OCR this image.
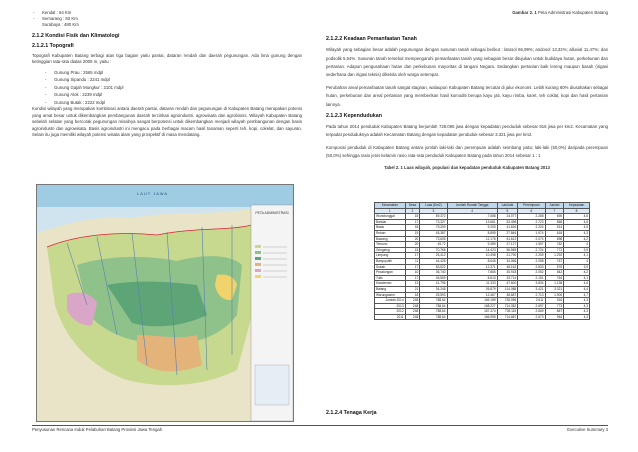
- Kendal : 64 Km
- Semarang : 93 Km
Surabaya : 480 Km
2.1.2 Kondisi Fisik dan Klimatologi
2.1.2.1 Topografi
Topografi Kabupaten Batang terbagi atas tiga bagian yaitu pantai, dataran rendah dan daerah pegunungan. Ada lima gunung dengan ketinggian rata-rata diatas 2000 m, yaitu :
- Gunung Prau : 2565 mdpl
- Gunung Sipandu : 2241 mdpl
- Gunung Gajah Mungkur : 2101 mdpl
- Gunung Alok : 2239 mdpl
- Gunung Butak : 2222 mdpl
Kondisi wilayah yang merupakan kombinasi antara daerah pantai, dataran rendah dan pegunungan di Kabupaten Batang merupakan potensi yang amat besar untuk dikembangkan pembangunan daerah tercirikan agroindustri, agrowisata dan agrobisnis. Wilayah Kabupaten Batang sebelah selatan yang bercorak pegunungan misalnya sangat berpotensi untuk dikembangkan menjadi wilayah pembangunan dengan basis agroindustri dan agrowisata. Basis agroindustri ini mengacu pada berbagai macam hasil tanaman seperti teh, kopi, cokelat, dan sayuran. Selain itu juga memiliki wilayah potensi wisata alam yang prospektif di masa mendatang.
LAUT JAWA
PETA ADMINISTRASI
Gambar 2. 1 Peta Administrasi Kabupaten Batang
2.1.2.2 Keadaan Pemanfaatan Tanah
Wilayah yang sebagian besar adalah pegunungan dengan susunan tanah sebagai berikut : latosol 66,99%; andosol 13,32%; alluvial 11,47%; dan podsolik 5,64%. Susunan tanah tersebut mempengaruhi pemanfaatan tanah yang sebagian besar ditujukan untuk budidaya hutan, perkebunan dan pertanian. Adapun pengusahaan hutan dan perkebunan mayoritas di tangani Negara. Sedangkan pertanian baik lereng maupun basah (irigasi sederhana dan irigasi teknis) dikelola oleh warga setempat.
Perubahan areal pemanfaatan tanah sangat stagnan, walaupun Kabupaten Batang tercatat di jalur ekonomi. Lebih kurang 60% diusahakan sebagai hutan, perkebunan dan areal pertanian yang memberikan hasil komoditi berupa kayu jati, kayu rimba, karet, teh coklat, kopi dan hasil pertanian lainnya.
2.1.2.3 Kependudukan
Pada tahun 2014 penduduk Kabupaten Batang berjumlah 728.095 jiwa dengan kepadatan penduduk sebesar 916 jiwa per km2. Kecamatan yang terpadat penduduknya adalah Kecamatan Batang dengan kepadatan penduduk sebesar 3.321 jiwa per km2.
Komposisi penduduk di Kabupaten Batang antara jumlah laki-laki dan perempuan adalah seimbang yaitu; laki-laki (50,0%) daripada perempuan (50,0%) sehingga rasio jenis kelamin rasio rata-rata penduduk Kabupaten Batang pada tahun 2014 sebesar 1 : 1
Tabel 2. 1 Luas wilayah, populasi dan kepadatan penduduk Kabupaten Batang 2013
Kecamatan	Desa	Luas (Km2)	Jumlah Rumah Tangga	Laki-laki	Perempuan	Jumlah	Kepadatan
1	2	3	4	5	6	7	8
Wonotunggal	15	59,372	7.688	24.077	2.268	690	4,6
Bandar	17	73,327	13.661	63.498	2.723	868	4,6
Blado	18	79,309	9.293	41.626	2.224	514	4,5
Reban	19	45,387	8.895	27.846	1.974	618	4,3
Bawang	20	73,605	12.176	51.612	2.074	698	4,2
Tersono	20	49,72	9.389	27.127	1.957	762	4
Gringsing	15	70,766	14.423	56.565	2.724	772	3,9
Limpung	17	25,412	10.498	21.790	2.259	1.292	4,1
Banyuputih	11	44,428	8.646	34.066	2.058	767	4
Subah	17	83,522	12.371	48.162	2.833	576	3,9
Pecalungan	10	36,740	7.865	30.918	2.052	842	4,2
Tulis	17	45,509	8.610	33.714	2.151	764	4,1
Kandeman	13	41,795	11.333	47.600	3.834	1.138	4,6
Batang	21	34,245	26.879	114.088	3.421	3.321	4,4
Warungasem	18	25,593	12.467	48.687	2.713	1.900	4,7
Jumlah 2014	248	788,64	169.189	728.095	2.611	916	4,3
2013	248	788,64	168.227	714.352	2.697	773	4,3
2012	248	788,64	167.474	705.115	2.669	867	4,3
2011	248	788,64	166.995	714.687	2.673	964	4,3
2.1.2.4 Tenaga Kerja
Penyusunan Rencana Induk Pelabuhan Batang Provinsi Jawa Tengah	Executive Summary 3
